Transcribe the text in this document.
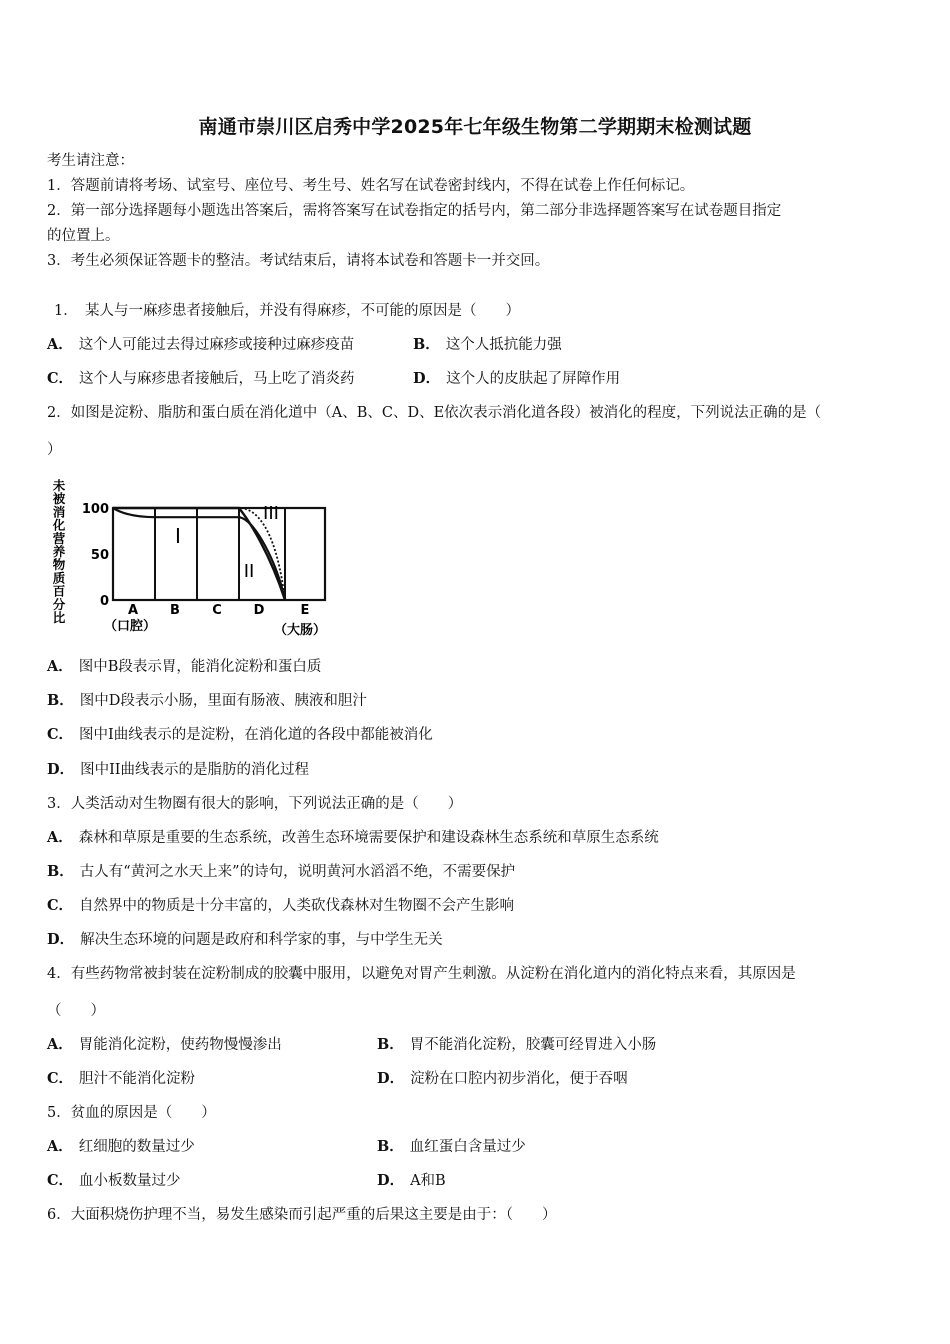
南通市崇川区启秀中学2025年七年级生物第二学期期末检测试题
考生请注意：
1．答题前请将考场、试室号、座位号、考生号、姓名写在试卷密封线内，不得在试卷上作任何标记。
2．第一部分选择题每小题选出答案后，需将答案写在试卷指定的括号内，第二部分非选择题答案写在试卷题目指定
的位置上。
3．考生必须保证答题卡的整洁。考试结束后，请将本试卷和答题卡一并交回。
1．　某人与一麻疹患者接触后，并没有得麻疹，不可能的原因是（　　）
A． 这个人可能过去得过麻疹或接种过麻疹疫苗	B． 这个人抵抗能力强
C． 这个人与麻疹患者接触后，马上吃了消炎药	D． 这个人的皮肤起了屏障作用
2．如图是淀粉、脂肪和蛋白质在消化道中（A、B、C、D、E依次表示消化道各段）被消化的程度，下列说法正确的是（
）
未
被
消
化
营
养
物
质
百
分
比
100
50
0
A B C D	E
（口腔）	（大肠）
I
II
III
A． 图中B段表示胃，能消化淀粉和蛋白质
B． 图中D段表示小肠，里面有肠液、胰液和胆汁
C． 图中I曲线表示的是淀粉，在消化道的各段中都能被消化
D． 图中II曲线表示的是脂肪的消化过程
3．人类活动对生物圈有很大的影响，下列说法正确的是（　　）
A． 森林和草原是重要的生态系统，改善生态环境需要保护和建设森林生态系统和草原生态系统
B． 古人有“黄河之水天上来”的诗句，说明黄河水滔滔不绝，不需要保护
C． 自然界中的物质是十分丰富的，人类砍伐森林对生物圈不会产生影响
D． 解决生态环境的问题是政府和科学家的事，与中学生无关
4．有些药物常被封装在淀粉制成的胶囊中服用，以避免对胃产生刺激。从淀粉在消化道内的消化特点来看，其原因是
（　　）
A． 胃能消化淀粉，使药物慢慢渗出	B． 胃不能消化淀粉，胶囊可经胃进入小肠
C． 胆汁不能消化淀粉	D． 淀粉在口腔内初步消化，便于吞咽
5．贫血的原因是（　　）
A． 红细胞的数量过少	B． 血红蛋白含量过少
C． 血小板数量过少	D． A和B
6．大面积烧伤护理不当，易发生感染而引起严重的后果这主要是由于：（　　）
